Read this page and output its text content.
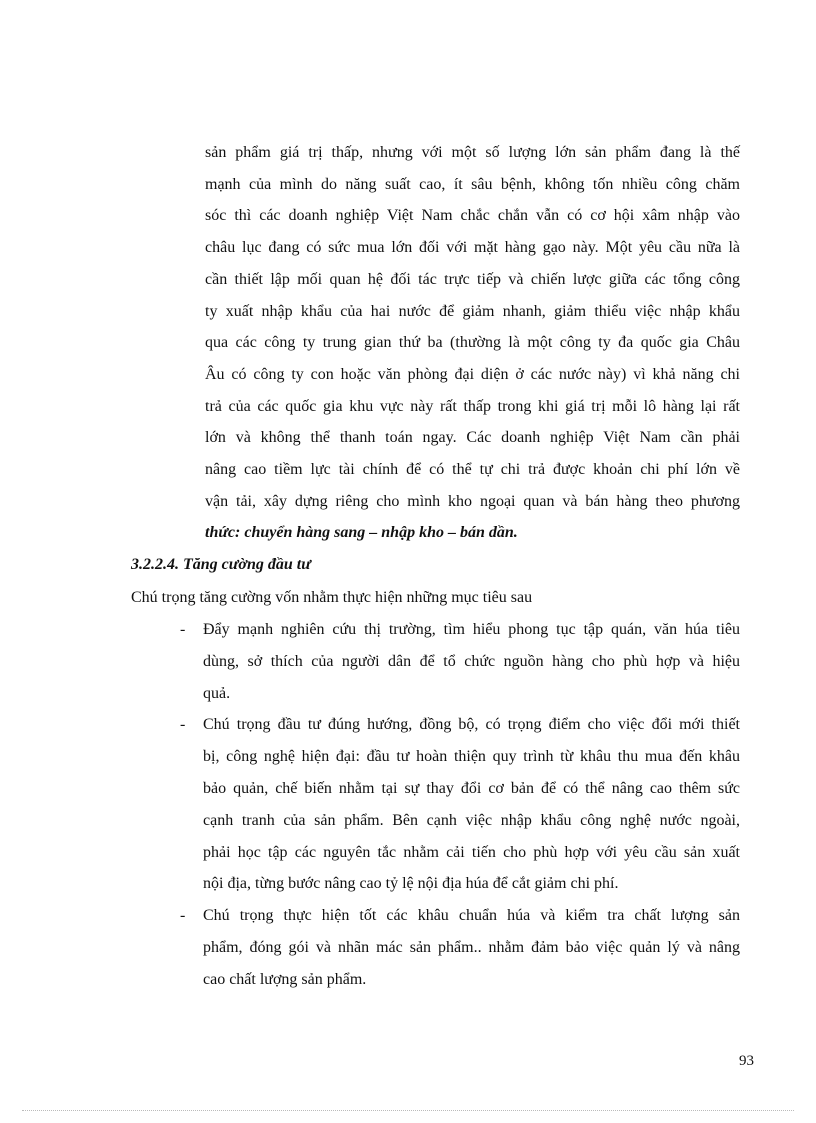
sản phẩm giá trị thấp, nhưng với một số lượng lớn sản phẩm đang là thế
mạnh của mình do năng suất cao, ít sâu bệnh, không tốn nhiều công chăm
sóc thì các doanh nghiệp Việt Nam chắc chắn vẫn có cơ hội xâm nhập vào
châu lục đang có sức mua lớn đối với mặt hàng gạo này. Một yêu cầu nữa là
cần thiết lập mối quan hệ đối tác trực tiếp và chiến lược giữa các tổng công
ty xuất nhập khẩu của hai nước để giảm nhanh, giảm thiểu việc nhập khẩu
qua các công ty trung gian thứ ba (thường là một công ty đa quốc gia Châu
Âu có công ty con hoặc văn phòng đại diện ở các nước này) vì khả năng chi
trả của các quốc gia khu vực này rất thấp trong khi giá trị mỗi lô hàng lại rất
lớn và không thể thanh toán ngay. Các doanh nghiệp Việt Nam cần phải
nâng cao tiềm lực tài chính để có thể tự chi trả được khoản chi phí lớn về
vận tải, xây dựng riêng cho mình kho ngoại quan và bán hàng theo phương
thức: chuyển hàng sang – nhập kho – bán dần.
3.2.2.4. Tăng cường đầu tư
Chú trọng tăng cường vốn nhằm thực hiện những mục tiêu sau
- Đẩy mạnh nghiên cứu thị trường, tìm hiểu phong tục tập quán, văn húa tiêu
dùng, sở thích của người dân để tổ chức nguồn hàng cho phù hợp và hiệu
quả.
- Chú trọng đầu tư đúng hướng, đồng bộ, có trọng điểm cho việc đổi mới thiết
bị, công nghệ hiện đại: đầu tư hoàn thiện quy trình từ khâu thu mua đến khâu
bảo quản, chế biến nhằm tại sự thay đổi cơ bản để có thể nâng cao thêm sức
cạnh tranh của sản phẩm. Bên cạnh việc nhập khẩu công nghệ nước ngoài,
phải học tập các nguyên tắc nhằm cải tiến cho phù hợp với yêu cầu sản xuất
nội địa, từng bước nâng cao tỷ lệ nội địa húa để cắt giảm chi phí.
- Chú trọng thực hiện tốt các khâu chuẩn húa và kiểm tra chất lượng sản
phẩm, đóng gói và nhãn mác sản phẩm.. nhằm đảm bảo việc quản lý và nâng
cao chất lượng sản phẩm.
93
